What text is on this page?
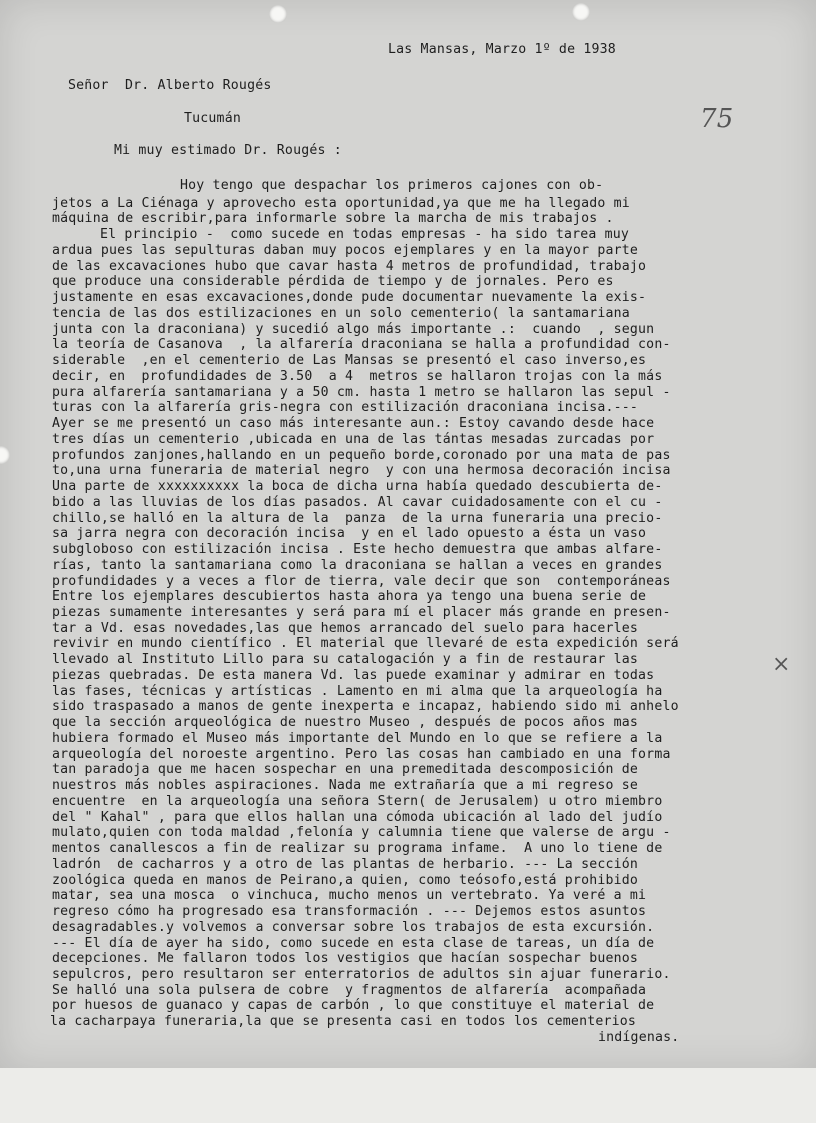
Las Mansas, Marzo 1º de 1938
Señor  Dr. Alberto Rougés
Tucumán
Mi muy estimado Dr. Rougés :
75
×
Hoy tengo que despachar los primeros cajones con ob-
jetos a La Ciénaga y aprovecho esta oportunidad,ya que me ha llegado mi
máquina de escribir,para informarle sobre la marcha de mis trabajos .
El principio -  como sucede en todas empresas - ha sido tarea muy
ardua pues las sepulturas daban muy pocos ejemplares y en la mayor parte
de las excavaciones hubo que cavar hasta 4 metros de profundidad, trabajo
que produce una considerable pérdida de tiempo y de jornales. Pero es
justamente en esas excavaciones,donde pude documentar nuevamente la exis-
tencia de las dos estilizaciones en un solo cementerio( la santamariana
junta con la draconiana) y sucedió algo más importante .:  cuando  , segun
la teoría de Casanova  , la alfarería draconiana se halla a profundidad con-
siderable  ,en el cementerio de Las Mansas se presentó el caso inverso,es
decir, en  profundidades de 3.50  a 4  metros se hallaron trojas con la más
pura alfarería santamariana y a 50 cm. hasta 1 metro se hallaron las sepul -
turas con la alfarería gris-negra con estilización draconiana incisa.---
Ayer se me presentó un caso más interesante aun.: Estoy cavando desde hace
tres días un cementerio ,ubicada en una de las tántas mesadas zurcadas por
profundos zanjones,hallando en un pequeño borde,coronado por una mata de pas
to,una urna funeraria de material negro  y con una hermosa decoración incisa
Una parte de xxxxxxxxxx la boca de dicha urna había quedado descubierta de-
bido a las lluvias de los días pasados. Al cavar cuidadosamente con el cu -
chillo,se halló en la altura de la  panza  de la urna funeraria una precio-
sa jarra negra con decoración incisa  y en el lado opuesto a ésta un vaso
subgloboso con estilización incisa . Este hecho demuestra que ambas alfare-
rías, tanto la santamariana como la draconiana se hallan a veces en grandes
profundidades y a veces a flor de tierra, vale decir que son  contemporáneas
Entre los ejemplares descubiertos hasta ahora ya tengo una buena serie de
piezas sumamente interesantes y será para mí el placer más grande en presen-
tar a Vd. esas novedades,las que hemos arrancado del suelo para hacerles
revivir en mundo científico . El material que llevaré de esta expedición será
llevado al Instituto Lillo para su catalogación y a fin de restaurar las
piezas quebradas. De esta manera Vd. las puede examinar y admirar en todas
las fases, técnicas y artísticas . Lamento en mi alma que la arqueología ha
sido traspasado a manos de gente inexperta e incapaz, habiendo sido mi anhelo
que la sección arqueológica de nuestro Museo , después de pocos años mas
hubiera formado el Museo más importante del Mundo en lo que se refiere a la
arqueología del noroeste argentino. Pero las cosas han cambiado en una forma
tan paradoja que me hacen sospechar en una premeditada descomposición de
nuestros más nobles aspiraciones. Nada me extrañaría que a mi regreso se
encuentre  en la arqueología una señora Stern( de Jerusalem) u otro miembro
del " Kahal" , para que ellos hallan una cómoda ubicación al lado del judío
mulato,quien con toda maldad ,felonía y calumnia tiene que valerse de argu -
mentos canallescos a fin de realizar su programa infame.  A uno lo tiene de
ladrón  de cacharros y a otro de las plantas de herbario. --- La sección
zoológica queda en manos de Peirano,a quien, como teósofo,está prohibido
matar, sea una mosca  o vinchuca, mucho menos un vertebrato. Ya veré a mi
regreso cómo ha progresado esa transformación . --- Dejemos estos asuntos
desagradables.y volvemos a conversar sobre los trabajos de esta excursión.
--- El día de ayer ha sido, como sucede en esta clase de tareas, un día de
decepciones. Me fallaron todos los vestigios que hacían sospechar buenos
sepulcros, pero resultaron ser enterratorios de adultos sin ajuar funerario.
Se halló una sola pulsera de cobre  y fragmentos de alfarería  acompañada
por huesos de guanaco y capas de carbón , lo que constituye el material de
la cacharpaya funeraria,la que se presenta casi en todos los cementerios
indígenas.
